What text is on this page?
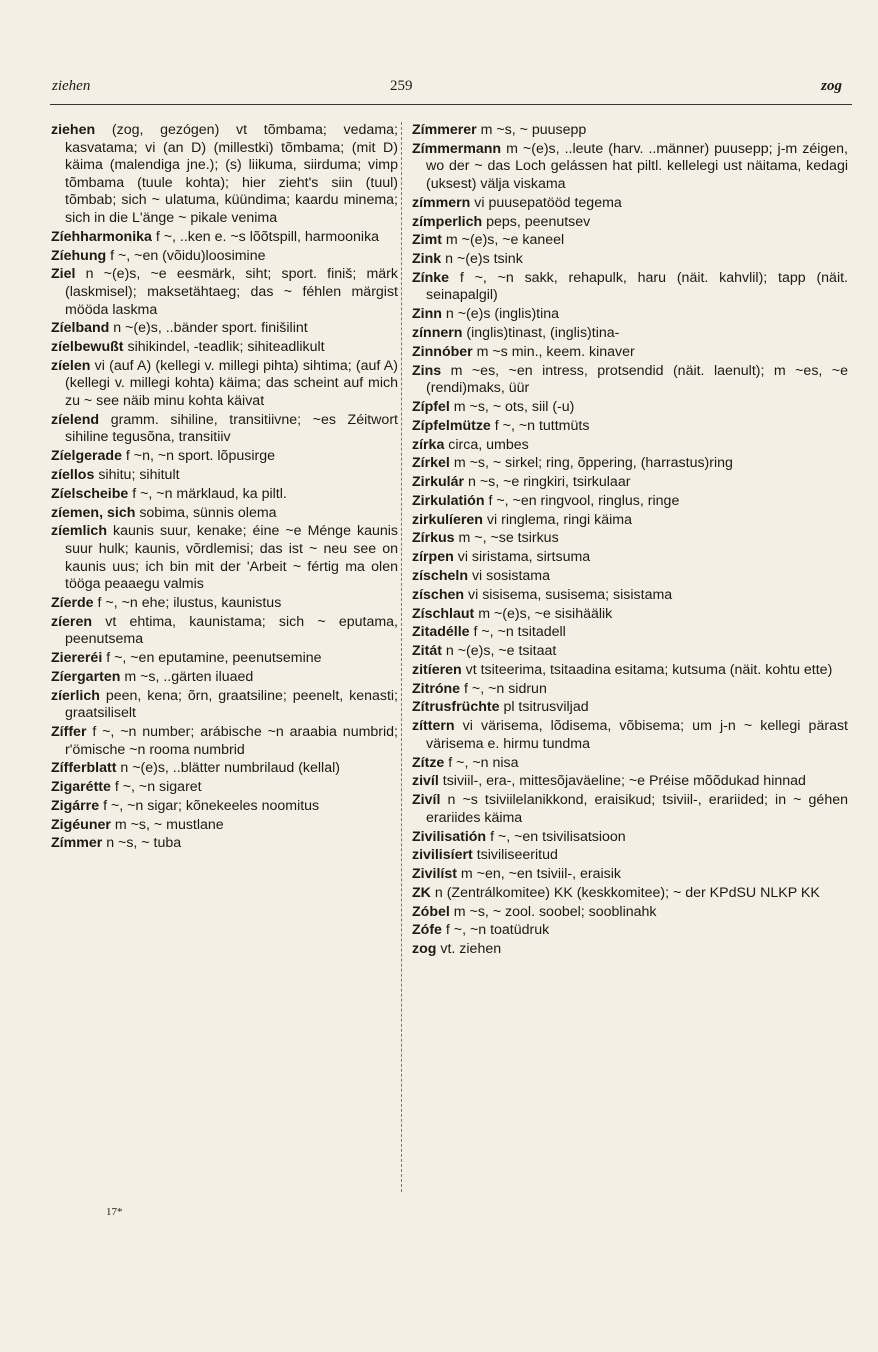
ziehen	259	zog

ziehen (zog, gezógen) vt tõmbama; vedama; kasvatama; vi (an D) (millestki) tõmbama; (mit D) käima (malendiga jne.); (s) liikuma, siirduma; vimp tõmbama (tuule kohta); hier zieht's siin (tuul) tõmbab; sich ~ ulatuma, küündima; kaardu minema; sich in die L'änge ~ pikale venima

Zíehharmonika f ~, ..ken e. ~s lõõtspill, harmoonika

Zíehung f ~, ~en (võidu)loosimine

Ziel n ~(e)s, ~e eesmärk, siht; sport. finiš; märk (laskmisel); maksetähtaeg; das ~ féhlen märgist mööda laskma

Zíelband n ~(e)s, ..bänder sport. finišilint

zíelbewußt sihikindel, -teadlik; sihiteadlikult

zíelen vi (auf A) (kellegi v. millegi pihta) sihtima; (auf A) (kellegi v. millegi kohta) käima; das scheint auf mich zu ~ see näib minu kohta käivat

zíelend gramm. sihiline, transitiivne; ~es Zéitwort sihiline tegusõna, transitiiv

Zíelgerade f ~n, ~n sport. lõpusirge

zíellos sihitu; sihitult

Zíelscheibe f ~, ~n märklaud, ka piltl.

zíemen, sich sobima, sünnis olema

zíemlich kaunis suur, kenake; éine ~e Ménge kaunis suur hulk; kaunis, võrdlemisi; das ist ~ neu see on kaunis uus; ich bin mit der 'Arbeit ~ fértig ma olen tööga peaaegu valmis

Zíerde f ~, ~n ehe; ilustus, kaunistus

zíeren vt ehtima, kaunistama; sich ~ eputama, peenutsema

Ziereréi f ~, ~en eputamine, peenutsemine

Zíergarten m ~s, ..gärten iluaed

zíerlich peen, kena; õrn, graatsiline; peenelt, kenasti; graatsiliselt

Zíffer f ~, ~n number; arábische ~n araabia numbrid; r'ömische ~n rooma numbrid

Zífferblatt n ~(e)s, ..blätter numbrilaud (kellal)

Zigarétte f ~, ~n sigaret

Zigárre f ~, ~n sigar; kõnekeeles noomitus

Zigéuner m ~s, ~ mustlane

Zímmer n ~s, ~ tuba

Zímmerer m ~s, ~ puusepp

Zímmermann m ~(e)s, ..leute (harv. ..männer) puusepp; j-m zéigen, wo der ~ das Loch gelássen hat piltl. kellelegi ust näitama, kedagi (uksest) välja viskama

zímmern vi puusepatööd tegema

zímperlich peps, peenutsev

Zimt m ~(e)s, ~e kaneel

Zink n ~(e)s tsink

Zínke f ~, ~n sakk, rehapulk, haru (näit. kahvlil); tapp (näit. seinapalgil)

Zinn n ~(e)s (inglis)tina

zínnern (inglis)tinast, (inglis)tina-

Zinnóber m ~s min., keem. kinaver

Zins m ~es, ~en intress, protsendid (näit. laenult); m ~es, ~e (rendi)maks, üür

Zípfel m ~s, ~ ots, siil (-u)

Zípfelmütze f ~, ~n tuttmüts

zírka circa, umbes

Zírkel m ~s, ~ sirkel; ring, õppering, (harrastus)ring

Zirkulár n ~s, ~e ringkiri, tsirkulaar

Zirkulatión f ~, ~en ringvool, ringlus, ringe

zirkulíeren vi ringlema, ringi käima

Zírkus m ~, ~se tsirkus

zírpen vi siristama, sirtsuma

zíscheln vi sosistama

zíschen vi sisisema, susisema; sisistama

Zíschlaut m ~(e)s, ~e sisihäälik

Zitadélle f ~, ~n tsitadell

Zitát n ~(e)s, ~e tsitaat

zitíeren vt tsiteerima, tsitaadina esitama; kutsuma (näit. kohtu ette)

Zitróne f ~, ~n sidrun

Zítrusfrüchte pl tsitrusviljad

zíttern vi värisema, lõdisema, võbisema; um j-n ~ kellegi pärast värisema e. hirmu tundma

Zítze f ~, ~n nisa

zivíl tsiviil-, era-, mittesõjaväeline; ~e Préise mõõdukad hinnad

Zivíl n ~s tsiviilelanikkond, eraisikud; tsiviil-, erariided; in ~ géhen erariides käima

Zivilisatión f ~, ~en tsivilisatsioon

zivilisíert tsiviliseeritud

Zivilíst m ~en, ~en tsiviil-, eraisik

ZK n (Zentrálkomitee) KK (keskkomitee); ~ der KPdSU NLKP KK

Zóbel m ~s, ~ zool. soobel; sooblinahk

Zófe f ~, ~n toatüdruk

zog vt. ziehen

17*
